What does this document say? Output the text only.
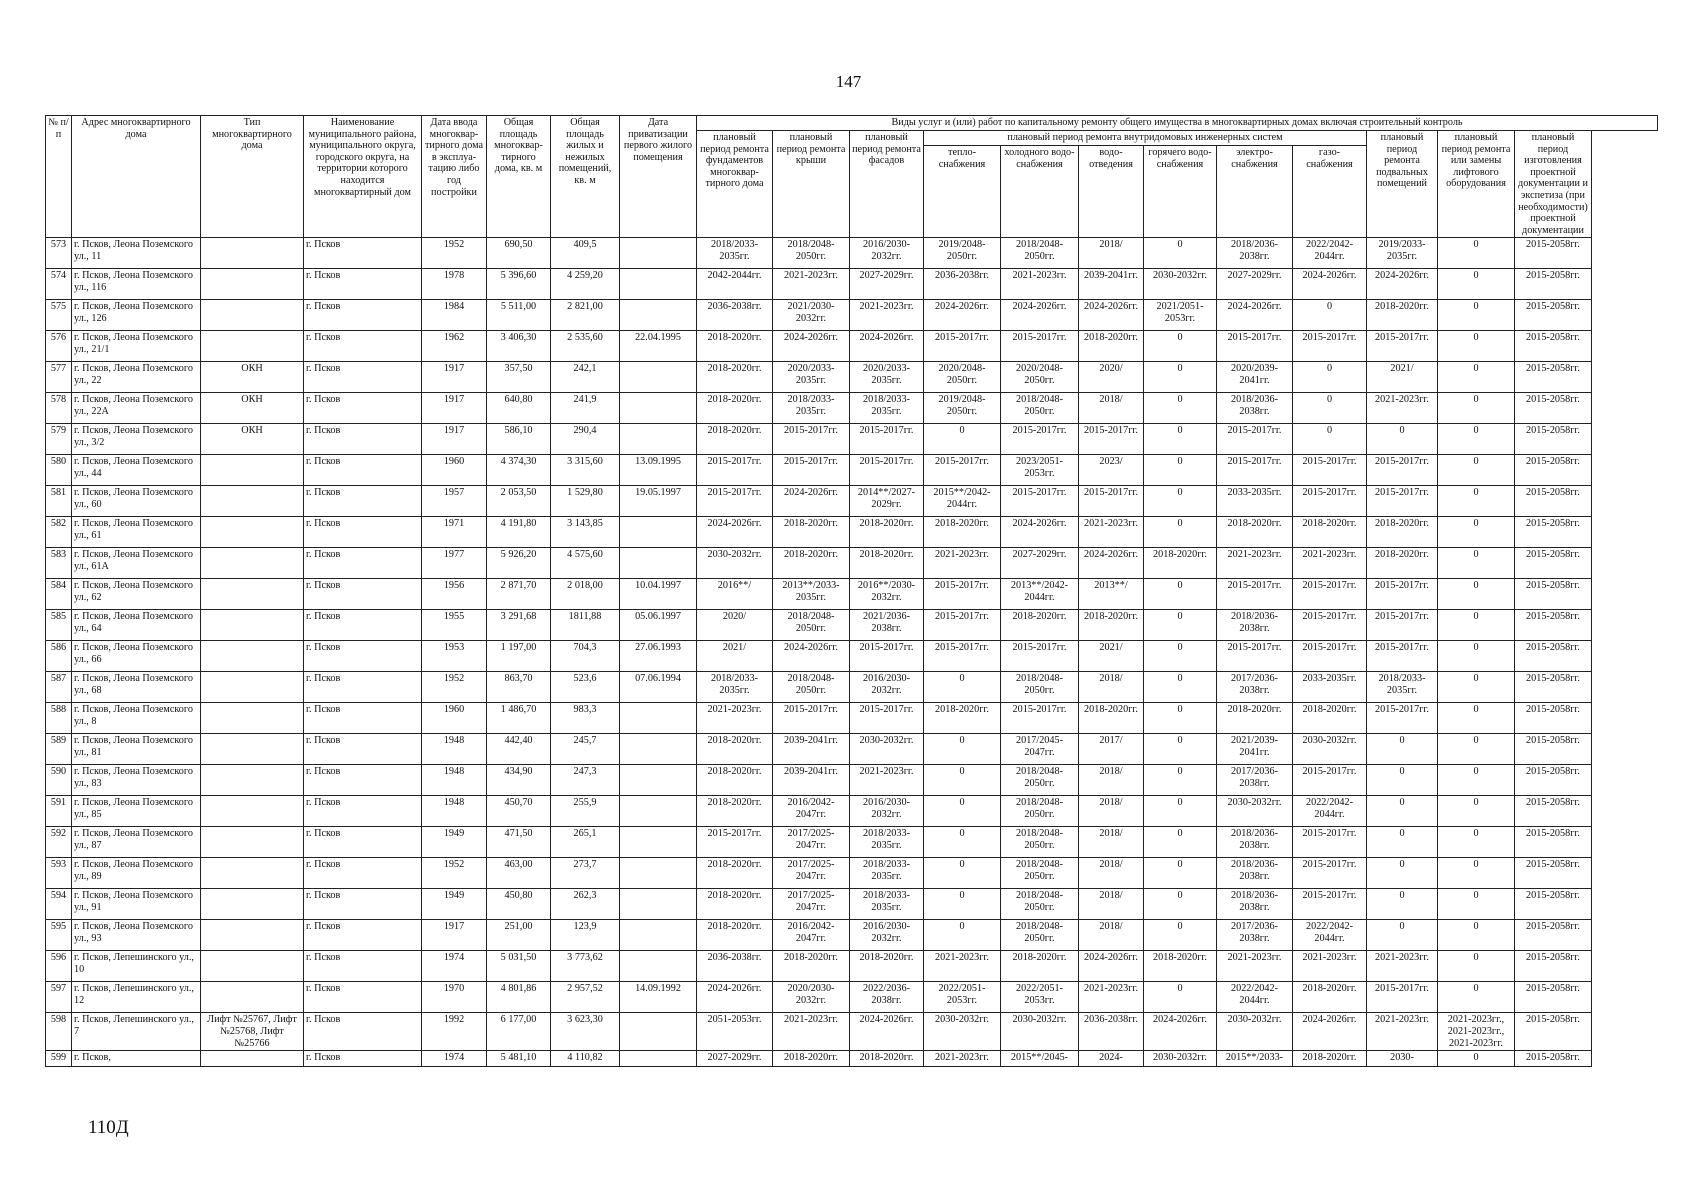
147
№ п/п	Адрес многоквартирного дома	Тип многоквартирного дома	Наименование муниципального района, муниципального округа, городского округа, на территории которого находится многоквартирный дом	Дата ввода многоквар- тирного дома в эксплуа- тацию либо год постройки	Общая площадь многоквар- тирного дома, кв. м	Общая площадь жилых и нежилых помещений, кв. м	Дата приватизации первого жилого помещения	Виды услуг и (или) работ по капитальному ремонту общего имущества в многоквартирных домах включая строительный контроль											
								плановый период ремонта фундаментов многоквар- тирного дома	плановый период ремонта крыши	плановый период ремонта фасадов	плановый период ремонта внутридомовых инженерных систем						плановый период ремонта подвальных помещений	плановый период ремонта или замены лифтового оборудования	плановый период изготовления проектной документации и экспетиза (при необходимости) проектной документации
											тепло- снабжения	холодного водо- снабжения	водо- отведения	горячего водо- снабжения	электро- снабжения	газо- снабжения			
573	г. Псков, Леона Поземского ул., 11		г. Псков	1952	690,50	409,5		2018/2033-2035гг.	2018/2048-2050гг.	2016/2030-2032гг.	2019/2048-2050гг.	2018/2048-2050гг.	2018/	0	2018/2036-2038гг.	2022/2042-2044гг.	2019/2033-2035гг.	0	2015-2058гг.
574	г. Псков, Леона Поземского ул., 116		г. Псков	1978	5 396,60	4 259,20		2042-2044гг.	2021-2023гг.	2027-2029гг.	2036-2038гг.	2021-2023гг.	2039-2041гг.	2030-2032гг.	2027-2029гг.	2024-2026гг.	2024-2026гг.	0	2015-2058гг.
575	г. Псков, Леона Поземского ул., 126		г. Псков	1984	5 511,00	2 821,00		2036-2038гг.	2021/2030-2032гг.	2021-2023гг.	2024-2026гг.	2024-2026гг.	2024-2026гг.	2021/2051-2053гг.	2024-2026гг.	0	2018-2020гг.	0	2015-2058гг.
576	г. Псков, Леона Поземского ул., 21/1		г. Псков	1962	3 406,30	2 535,60	22.04.1995	2018-2020гг.	2024-2026гг.	2024-2026гг.	2015-2017гг.	2015-2017гг.	2018-2020гг.	0	2015-2017гг.	2015-2017гг.	2015-2017гг.	0	2015-2058гг.
577	г. Псков, Леона Поземского ул., 22	ОКН	г. Псков	1917	357,50	242,1		2018-2020гг.	2020/2033-2035гг.	2020/2033-2035гг.	2020/2048-2050гг.	2020/2048-2050гг.	2020/	0	2020/2039-2041гг.	0	2021/	0	2015-2058гг.
578	г. Псков, Леона Поземского ул., 22А	ОКН	г. Псков	1917	640,80	241,9		2018-2020гг.	2018/2033-2035гг.	2018/2033-2035гг.	2019/2048-2050гг.	2018/2048-2050гг.	2018/	0	2018/2036-2038гг.	0	2021-2023гг.	0	2015-2058гг.
579	г. Псков, Леона Поземского ул., 3/2	ОКН	г. Псков	1917	586,10	290,4		2018-2020гг.	2015-2017гг.	2015-2017гг.	0	2015-2017гг.	2015-2017гг.	0	2015-2017гг.	0	0	0	2015-2058гг.
580	г. Псков, Леона Поземского ул., 44		г. Псков	1960	4 374,30	3 315,60	13.09.1995	2015-2017гг.	2015-2017гг.	2015-2017гг.	2015-2017гг.	2023/2051-2053гг.	2023/	0	2015-2017гг.	2015-2017гг.	2015-2017гг.	0	2015-2058гг.
581	г. Псков, Леона Поземского ул., 60		г. Псков	1957	2 053,50	1 529,80	19.05.1997	2015-2017гг.	2024-2026гг.	2014**/2027-2029гг.	2015**/2042-2044гг.	2015-2017гг.	2015-2017гг.	0	2033-2035гг.	2015-2017гг.	2015-2017гг.	0	2015-2058гг.
582	г. Псков, Леона Поземского ул., 61		г. Псков	1971	4 191,80	3 143,85		2024-2026гг.	2018-2020гг.	2018-2020гг.	2018-2020гг.	2024-2026гг.	2021-2023гг.	0	2018-2020гг.	2018-2020гг.	2018-2020гг.	0	2015-2058гг.
583	г. Псков, Леона Поземского ул., 61А		г. Псков	1977	5 926,20	4 575,60		2030-2032гг.	2018-2020гг.	2018-2020гг.	2021-2023гг.	2027-2029гг.	2024-2026гг.	2018-2020гг.	2021-2023гг.	2021-2023гг.	2018-2020гг.	0	2015-2058гг.
584	г. Псков, Леона Поземского ул., 62		г. Псков	1956	2 871,70	2 018,00	10.04.1997	2016**/	2013**/2033-2035гг.	2016**/2030-2032гг.	2015-2017гг.	2013**/2042-2044гг.	2013**/	0	2015-2017гг.	2015-2017гг.	2015-2017гг.	0	2015-2058гг.
585	г. Псков, Леона Поземского ул., 64		г. Псков	1955	3 291,68	1811,88	05.06.1997	2020/	2018/2048-2050гг.	2021/2036-2038гг.	2015-2017гг.	2018-2020гг.	2018-2020гг.	0	2018/2036-2038гг.	2015-2017гг.	2015-2017гг.	0	2015-2058гг.
586	г. Псков, Леона Поземского ул., 66		г. Псков	1953	1 197,00	704,3	27.06.1993	2021/	2024-2026гг.	2015-2017гг.	2015-2017гг.	2015-2017гг.	2021/	0	2015-2017гг.	2015-2017гг.	2015-2017гг.	0	2015-2058гг.
587	г. Псков, Леона Поземского ул., 68		г. Псков	1952	863,70	523,6	07.06.1994	2018/2033-2035гг.	2018/2048-2050гг.	2016/2030-2032гг.	0	2018/2048-2050гг.	2018/	0	2017/2036-2038гг.	2033-2035гг.	2018/2033-2035гг.	0	2015-2058гг.
588	г. Псков, Леона Поземского ул., 8		г. Псков	1960	1 486,70	983,3		2021-2023гг.	2015-2017гг.	2015-2017гг.	2018-2020гг.	2015-2017гг.	2018-2020гг.	0	2018-2020гг.	2018-2020гг.	2015-2017гг.	0	2015-2058гг.
589	г. Псков, Леона Поземского ул., 81		г. Псков	1948	442,40	245,7		2018-2020гг.	2039-2041гг.	2030-2032гг.	0	2017/2045-2047гг.	2017/	0	2021/2039-2041гг.	2030-2032гг.	0	0	2015-2058гг.
590	г. Псков, Леона Поземского ул., 83		г. Псков	1948	434,90	247,3		2018-2020гг.	2039-2041гг.	2021-2023гг.	0	2018/2048-2050гг.	2018/	0	2017/2036-2038гг.	2015-2017гг.	0	0	2015-2058гг.
591	г. Псков, Леона Поземского ул., 85		г. Псков	1948	450,70	255,9		2018-2020гг.	2016/2042-2047гг.	2016/2030-2032гг.	0	2018/2048-2050гг.	2018/	0	2030-2032гг.	2022/2042-2044гг.	0	0	2015-2058гг.
592	г. Псков, Леона Поземского ул., 87		г. Псков	1949	471,50	265,1		2015-2017гг.	2017/2025-2047гг.	2018/2033-2035гг.	0	2018/2048-2050гг.	2018/	0	2018/2036-2038гг.	2015-2017гг.	0	0	2015-2058гг.
593	г. Псков, Леона Поземского ул., 89		г. Псков	1952	463,00	273,7		2018-2020гг.	2017/2025-2047гг.	2018/2033-2035гг.	0	2018/2048-2050гг.	2018/	0	2018/2036-2038гг.	2015-2017гг.	0	0	2015-2058гг.
594	г. Псков, Леона Поземского ул., 91		г. Псков	1949	450,80	262,3		2018-2020гг.	2017/2025-2047гг.	2018/2033-2035гг.	0	2018/2048-2050гг.	2018/	0	2018/2036-2038гг.	2015-2017гг.	0	0	2015-2058гг.
595	г. Псков, Леона Поземского ул., 93		г. Псков	1917	251,00	123,9		2018-2020гг.	2016/2042-2047гг.	2016/2030-2032гг.	0	2018/2048-2050гг.	2018/	0	2017/2036-2038гг.	2022/2042-2044гг.	0	0	2015-2058гг.
596	г. Псков, Лепешинского ул., 10		г. Псков	1974	5 031,50	3 773,62		2036-2038гг.	2018-2020гг.	2018-2020гг.	2021-2023гг.	2018-2020гг.	2024-2026гг.	2018-2020гг.	2021-2023гг.	2021-2023гг.	2021-2023гг.	0	2015-2058гг.
597	г. Псков, Лепешинского ул., 12		г. Псков	1970	4 801,86	2 957,52	14.09.1992	2024-2026гг.	2020/2030-2032гг.	2022/2036-2038гг.	2022/2051-2053гг.	2022/2051-2053гг.	2021-2023гг.	0	2022/2042-2044гг.	2018-2020гг.	2015-2017гг.	0	2015-2058гг.
598	г. Псков, Лепешинского ул., 7	Лифт №25767, Лифт №25768, Лифт №25766	г. Псков	1992	6 177,00	3 623,30		2051-2053гг.	2021-2023гг.	2024-2026гг.	2030-2032гг.	2030-2032гг.	2036-2038гг.	2024-2026гг.	2030-2032гг.	2024-2026гг.	2021-2023гг.	2021-2023гг., 2021-2023гг., 2021-2023гг.	2015-2058гг.
599	г. Псков,		г. Псков	1974	5 481,10	4 110,82		2027-2029гг.	2018-2020гг.	2018-2020гг.	2021-2023гг.	2015**/2045-	2024-	2030-2032гг.	2015**/2033-	2018-2020гг.	2030-	0	2015-2058гг.
110Д
